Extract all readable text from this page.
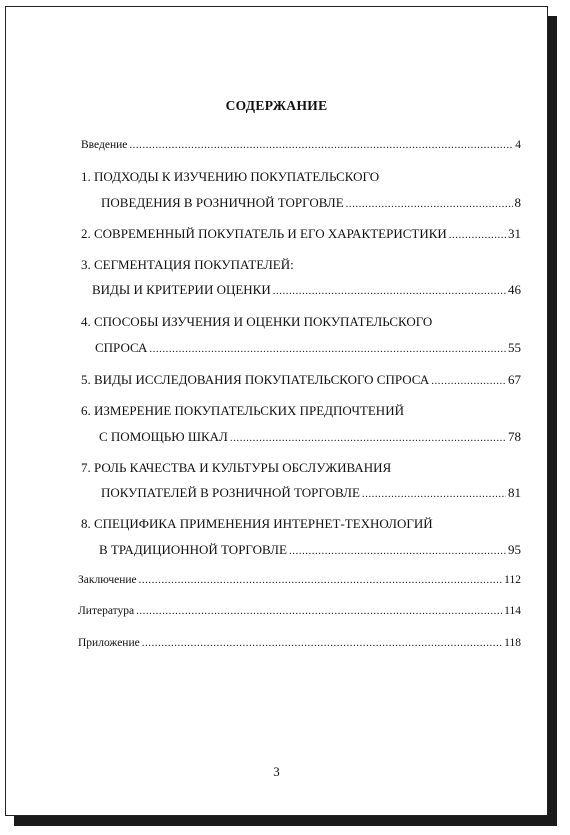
СОДЕРЖАНИЕ
Введение .....	4
1. ПОДХОДЫ К ИЗУЧЕНИЮ ПОКУПАТЕЛЬСКОГО
ПОВЕДЕНИЯ В РОЗНИЧНОЙ ТОРГОВЛЕ .....	8
2. СОВРЕМЕННЫЙ ПОКУПАТЕЛЬ И ЕГО ХАРАКТЕРИСТИКИ .....	31
3. СЕГМЕНТАЦИЯ ПОКУПАТЕЛЕЙ:
ВИДЫ И КРИТЕРИИ ОЦЕНКИ .....	46
4. СПОСОБЫ ИЗУЧЕНИЯ И ОЦЕНКИ ПОКУПАТЕЛЬСКОГО
СПРОСА .....	55
5. ВИДЫ ИССЛЕДОВАНИЯ ПОКУПАТЕЛЬСКОГО СПРОСА .....	67
6. ИЗМЕРЕНИЕ ПОКУПАТЕЛЬСКИХ ПРЕДПОЧТЕНИЙ
С ПОМОЩЬЮ ШКАЛ .....	78
7. РОЛЬ КАЧЕСТВА И КУЛЬТУРЫ ОБСЛУЖИВАНИЯ
ПОКУПАТЕЛЕЙ В РОЗНИЧНОЙ ТОРГОВЛЕ .....	81
8. СПЕЦИФИКА ПРИМЕНЕНИЯ ИНТЕРНЕТ-ТЕХНОЛОГИЙ
В ТРАДИЦИОННОЙ ТОРГОВЛЕ .....	95
Заключение .....	112
Литература .....	114
Приложение .....	118
3
